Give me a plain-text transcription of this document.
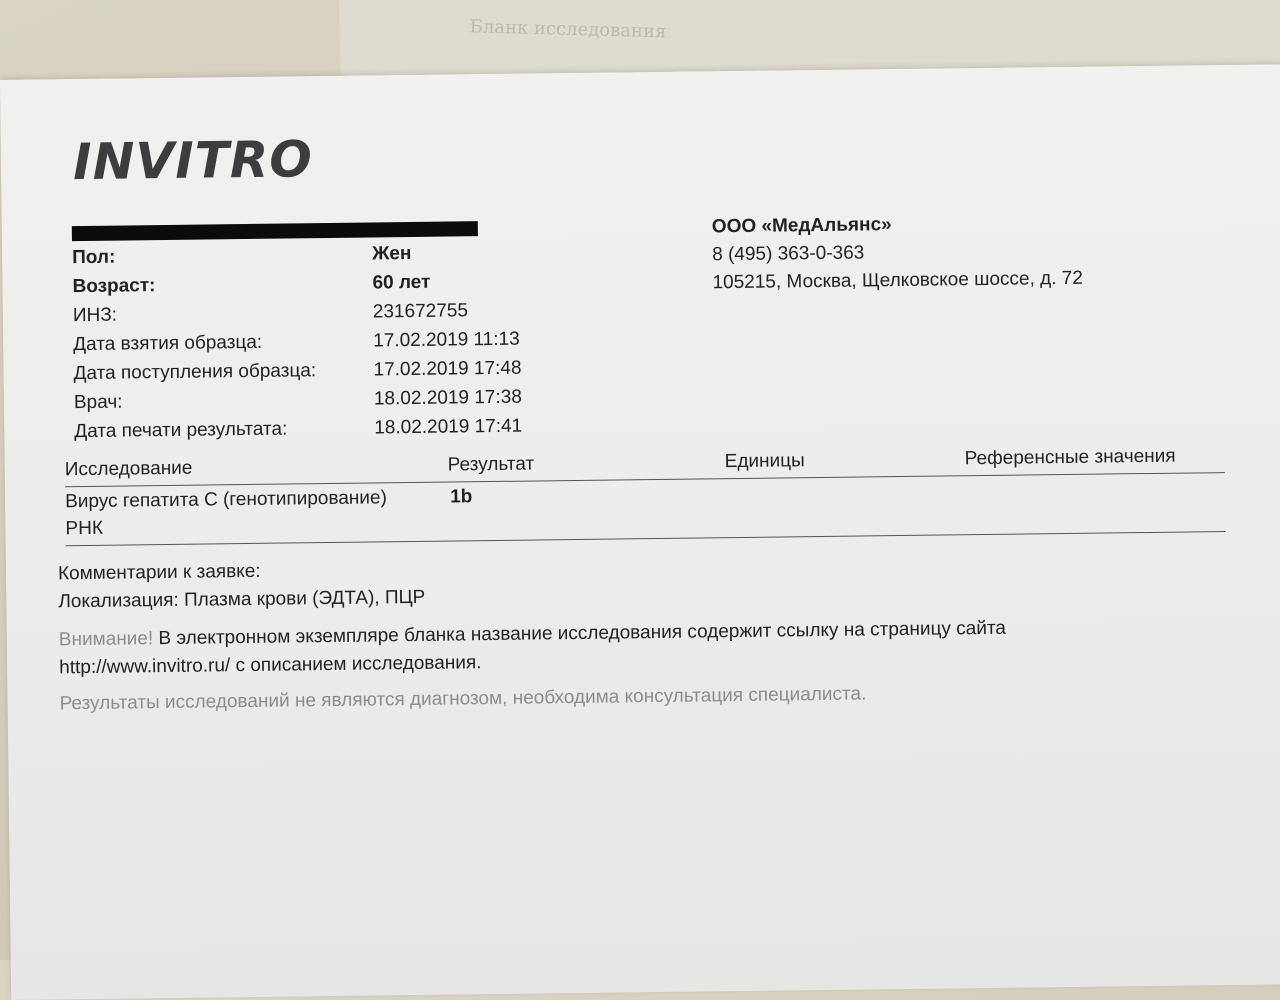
Бланк исследования
INVITRO
Пол:	Жен
Возраст:	60 лет
ИНЗ:	231672755
Дата взятия образца:	17.02.2019 11:13
Дата поступления образца:	17.02.2019 17:48
Врач:	18.02.2019 17:38
Дата печати результата:	18.02.2019 17:41
ООО «МедАльянс»
8 (495) 363-0-363
105215, Москва, Щелковское шоссе, д. 72
Исследование	Результат	Единицы	Референсные значения
Вирус гепатита С (генотипирование)	1b
РНК
Комментарии к заявке:
Локализация: Плазма крови (ЭДТА), ПЦР
Внимание! В электронном экземпляре бланка название исследования содержит ссылку на страницу сайта
http://www.invitro.ru/ с описанием исследования.
Результаты исследований не являются диагнозом, необходима консультация специалиста.
